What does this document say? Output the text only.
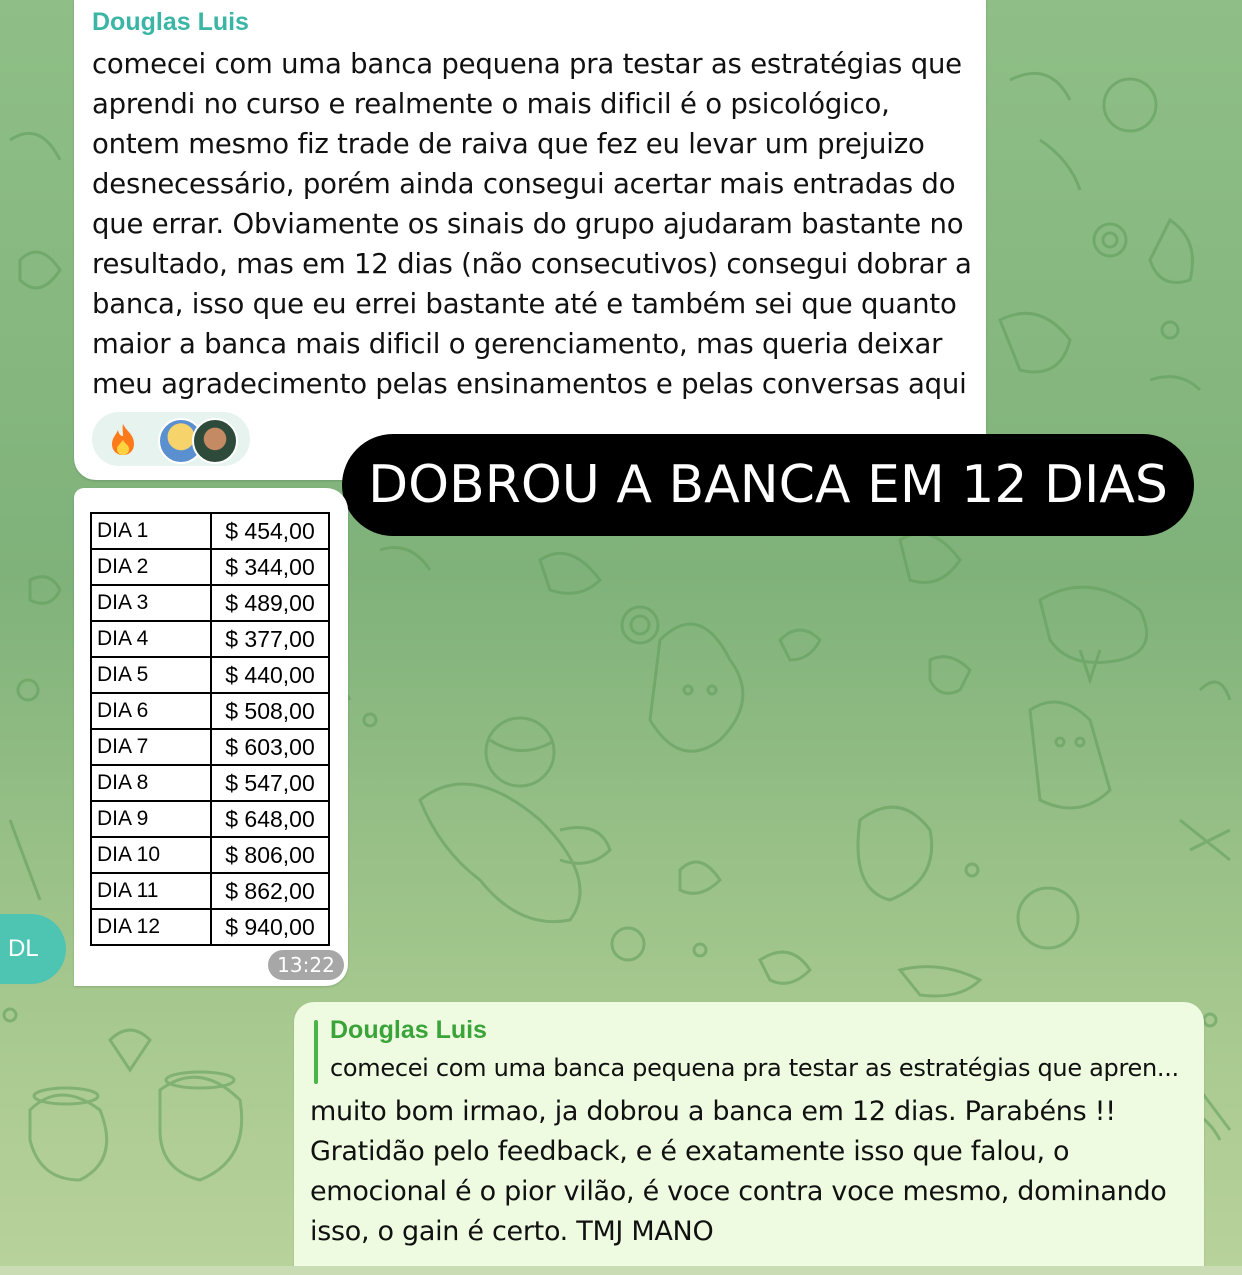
Douglas Luis
comecei com uma banca pequena pra testar as estratégias que
aprendi no curso e realmente o mais dificil é o psicológico,
ontem mesmo fiz trade de raiva que fez eu levar um prejuizo
desnecessário, porém ainda consegui acertar mais entradas do
que errar. Obviamente os sinais do grupo ajudaram bastante no
resultado, mas em 12 dias (não consecutivos) consegui dobrar a
banca, isso que eu errei bastante até e também sei que quanto
maior a banca mais dificil o gerenciamento, mas queria deixar
meu agradecimento pelas ensinamentos e pelas conversas aqui
DOBROU A BANCA EM 12 DIAS
DIA 1	$ 454,00
DIA 2	$ 344,00
DIA 3	$ 489,00
DIA 4	$ 377,00
DIA 5	$ 440,00
DIA 6	$ 508,00
DIA 7	$ 603,00
DIA 8	$ 547,00
DIA 9	$ 648,00
DIA 10	$ 806,00
DIA 11	$ 862,00
DIA 12	$ 940,00
13:22
DL
Douglas Luis
comecei com uma banca pequena pra testar as estratégias que apren...
muito bom irmao, ja dobrou a banca em 12 dias. Parabéns !!
Gratidão pelo feedback, e é exatamente isso que falou, o
emocional é o pior vilão, é voce contra voce mesmo, dominando
isso, o gain é certo. TMJ MANO
